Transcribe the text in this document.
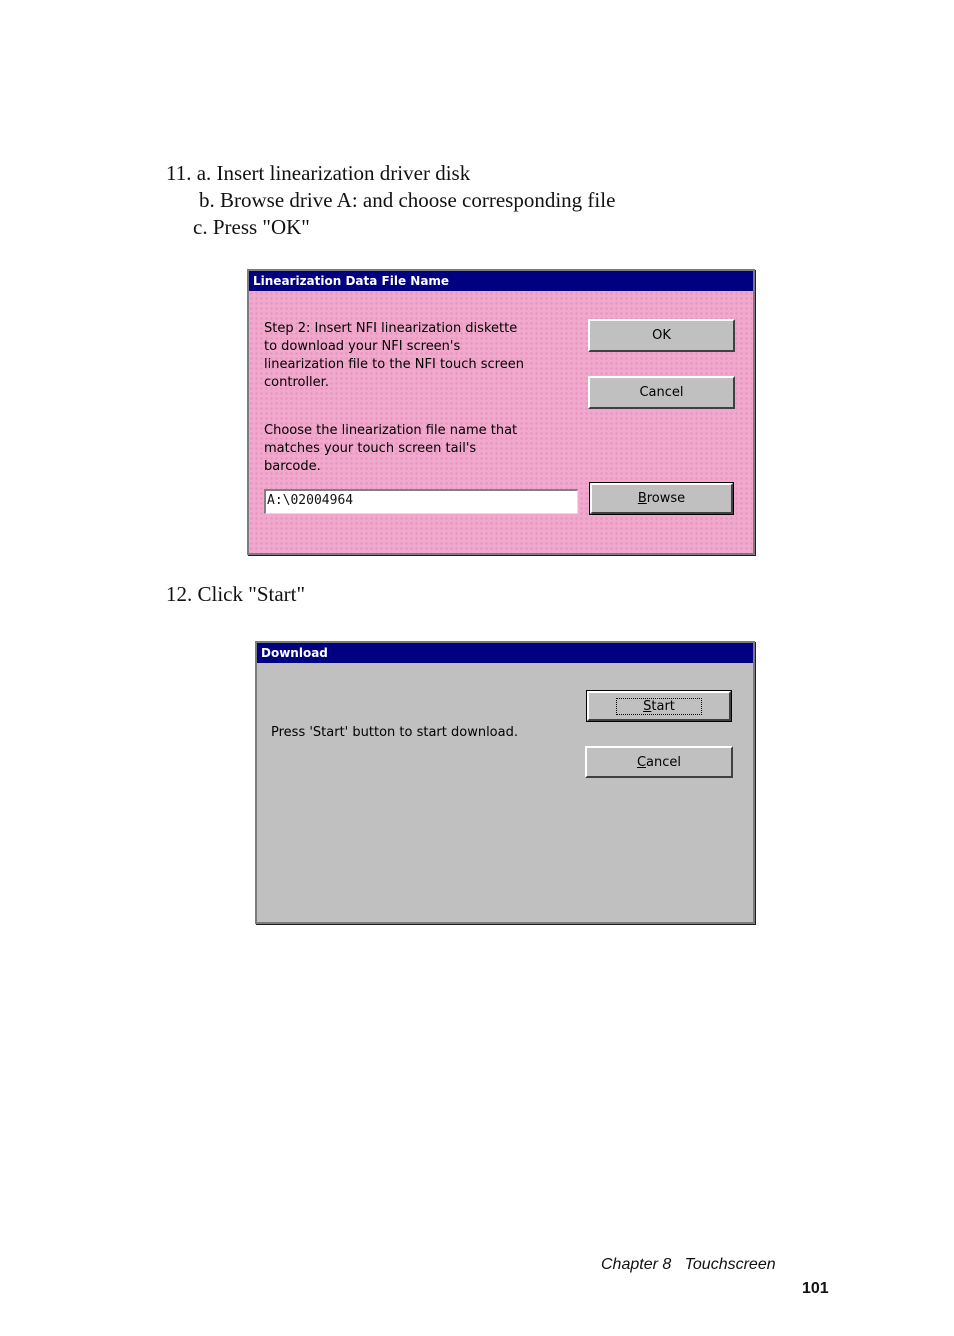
11. a. Insert linearization driver disk
b. Browse drive A: and choose corresponding file
c. Press "OK"
Linearization Data File Name
Step 2: Insert NFI linearization diskette
to download your NFI screen's
linearization file to the NFI touch screen
controller.
Choose the linearization file name that
matches your touch screen tail's
barcode.
A:\02004964
OK
Cancel
Browse
12. Click "Start"
Download
Press 'Start' button to start download.
Start
Cancel
Chapter 8   Touchscreen
101
